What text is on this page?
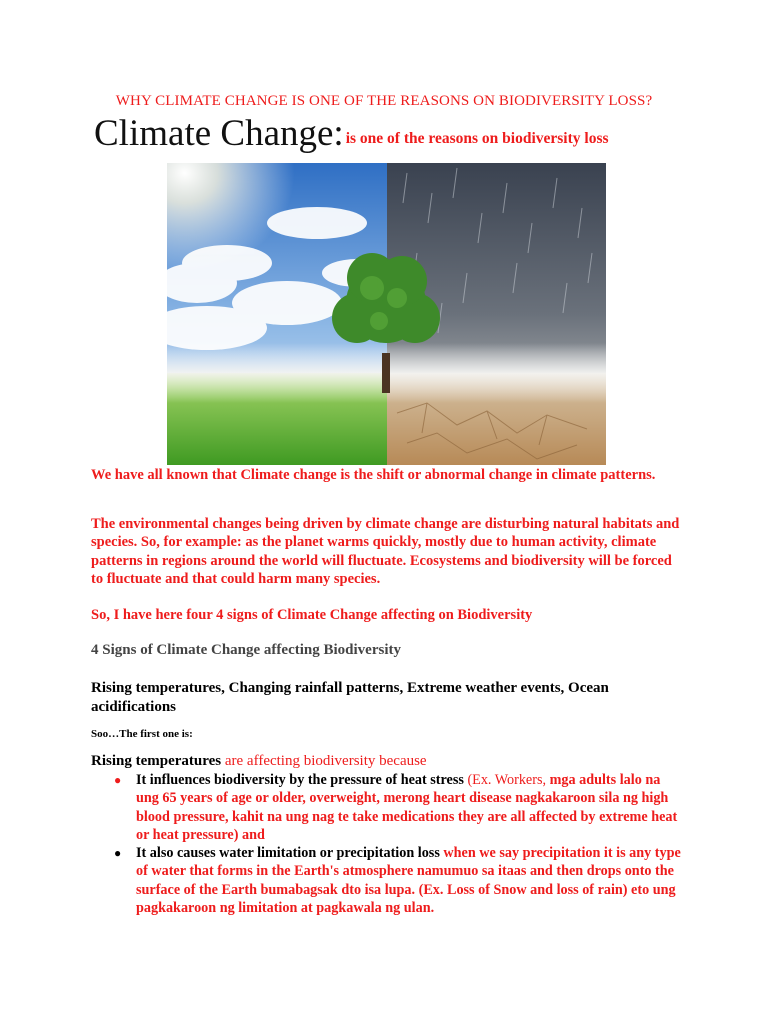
WHY CLIMATE CHANGE IS ONE OF THE REASONS ON BIODIVERSITY LOSS?
Climate Change: is one of the reasons on biodiversity loss
We have all known that Climate change is the shift or abnormal change in climate patterns.
The environmental changes being driven by climate change are disturbing natural habitats and species. So, for example: as the planet warms quickly, mostly due to human activity, climate patterns in regions around the world will fluctuate. Ecosystems and biodiversity will be forced to fluctuate and that could harm many species.
So, I have here four 4 signs of Climate Change affecting on Biodiversity
4 Signs of Climate Change affecting Biodiversity
Rising temperatures, Changing rainfall patterns, Extreme weather events, Ocean acidifications
Soo…The first one is:
Rising temperatures are affecting biodiversity because
● It influences biodiversity by the pressure of heat stress (Ex. Workers, mga adults lalo na ung 65 years of age or older, overweight, merong heart disease nagkakaroon sila ng high blood pressure, kahit na ung nag te take medications they are all affected by extreme heat or heat pressure) and
● It also causes water limitation or precipitation loss when we say precipitation it is any type of water that forms in the Earth's atmosphere namumuo sa itaas and then drops onto the surface of the Earth bumabagsak dto isa lupa. (Ex. Loss of Snow and loss of rain) eto ung pagkakaroon ng limitation at pagkawala ng ulan.
